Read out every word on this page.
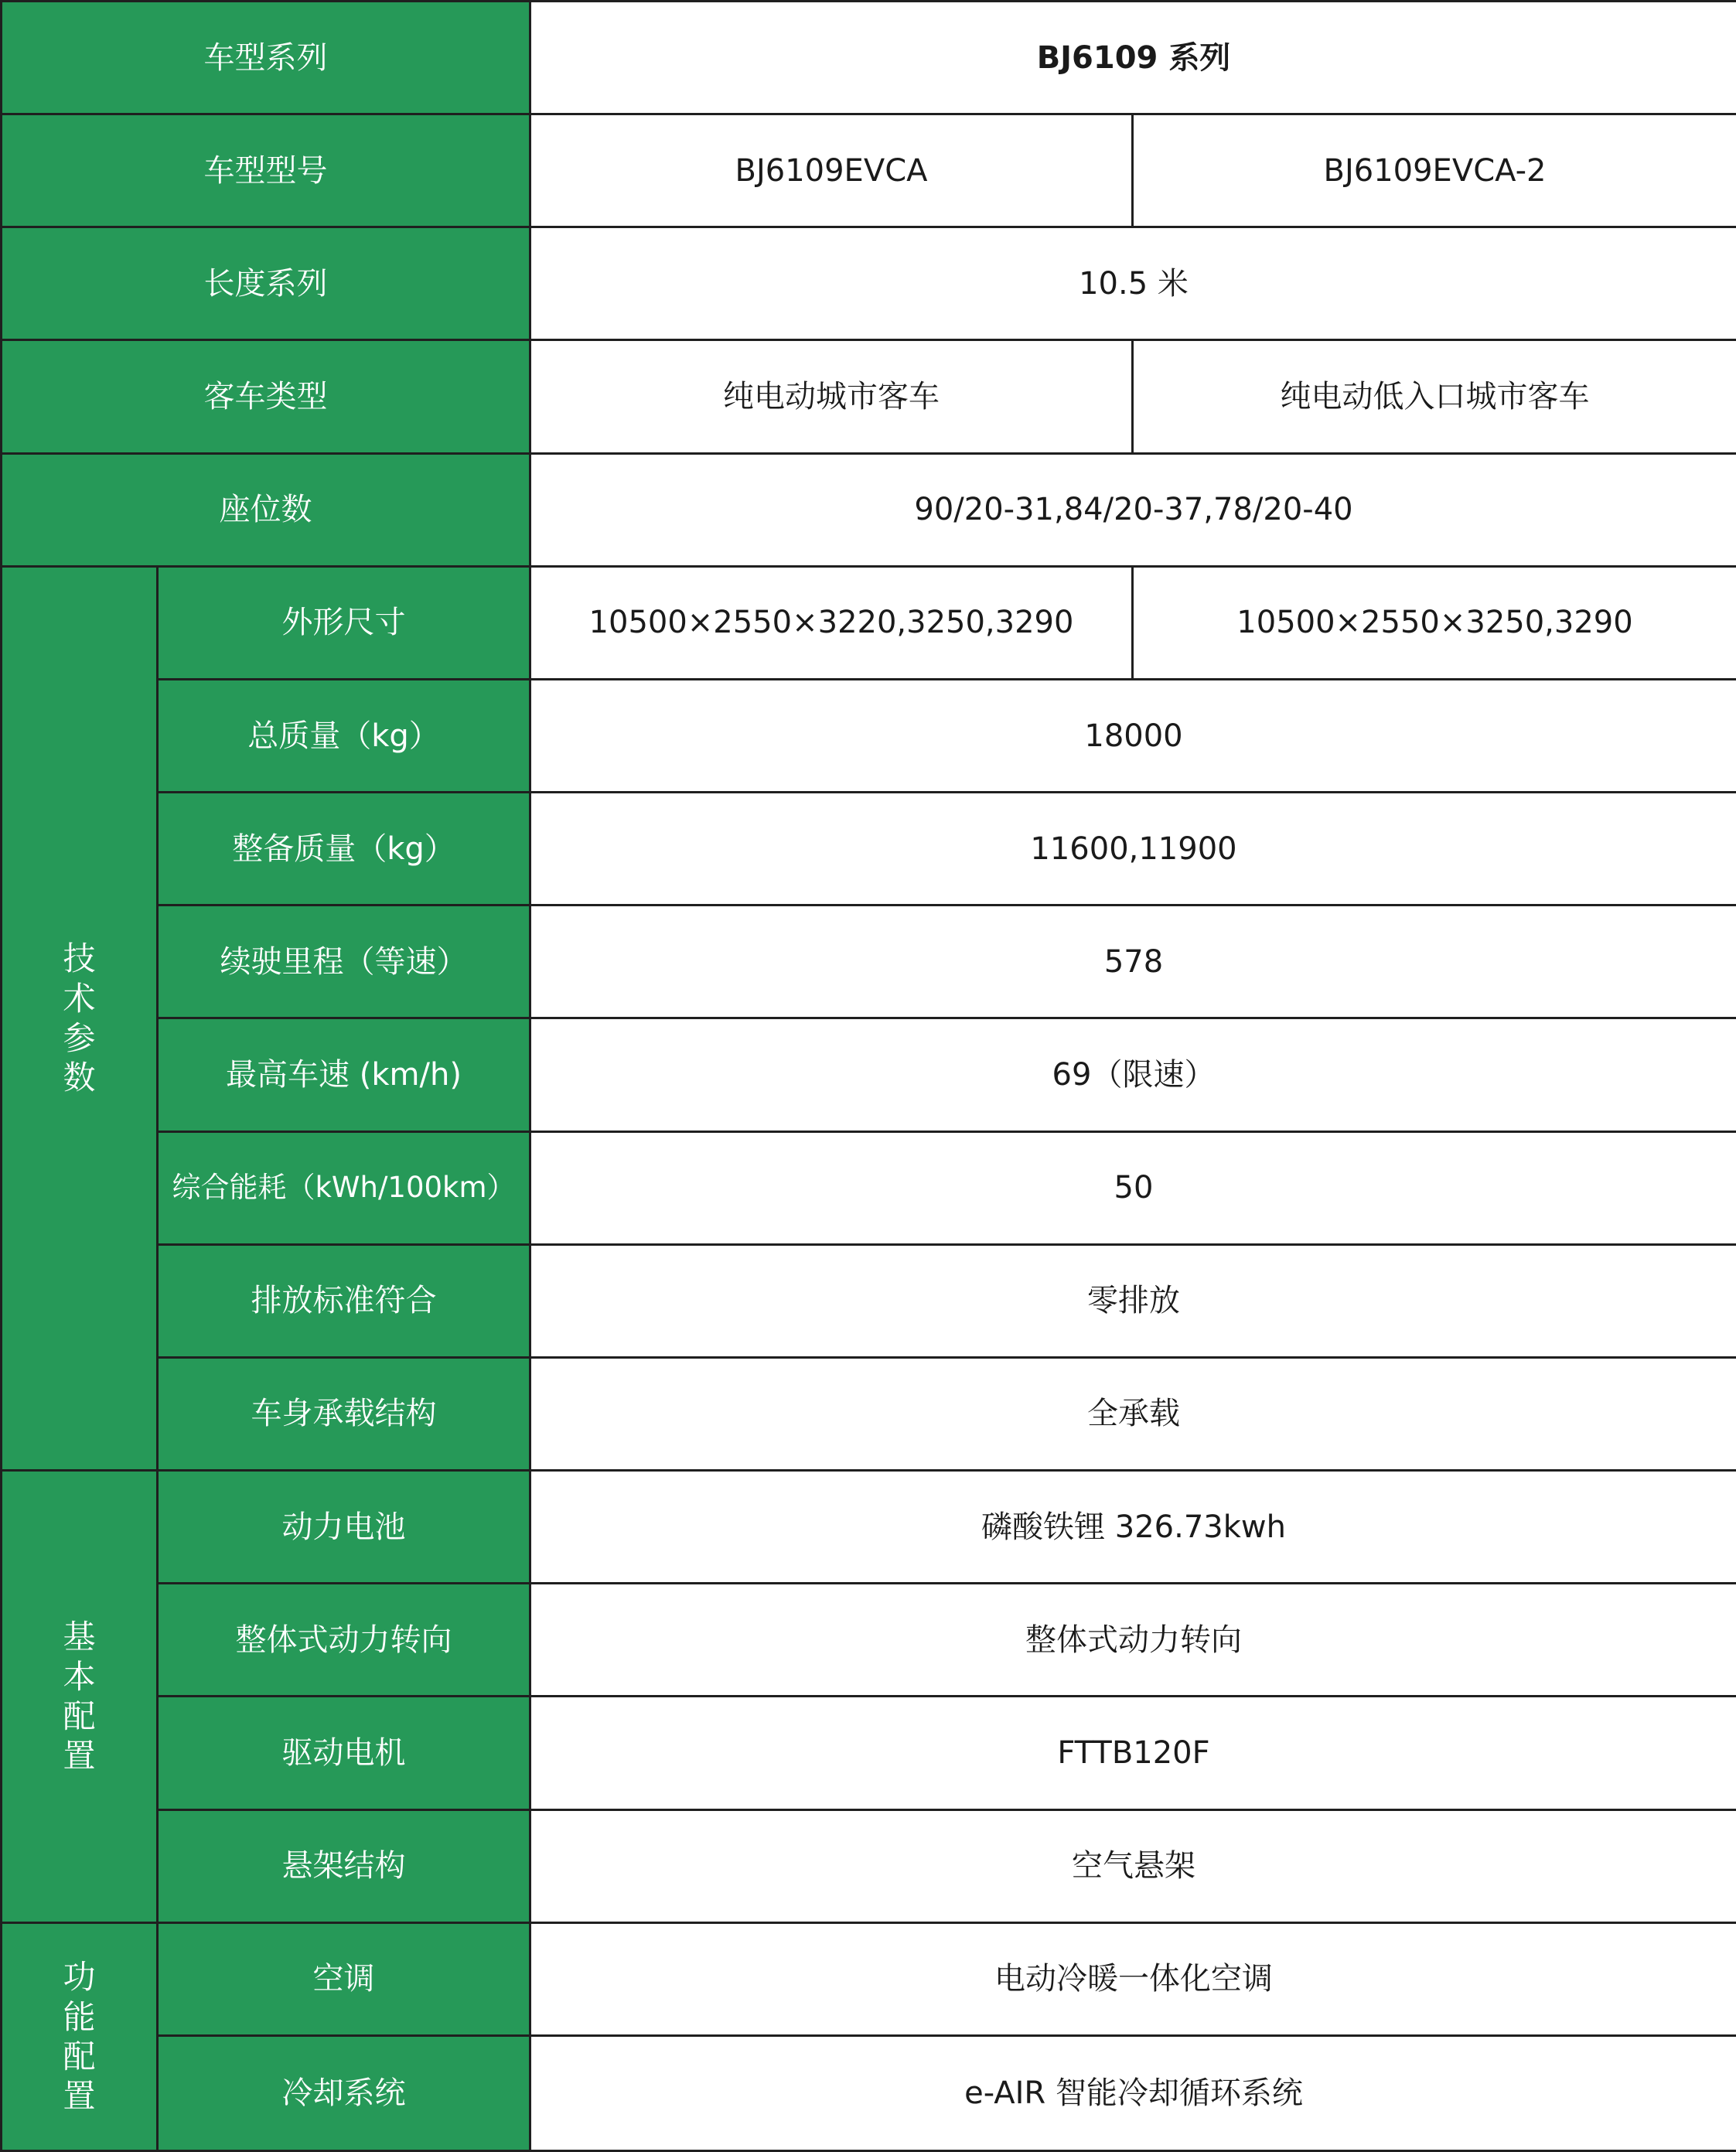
车型系列		BJ6109 系列	
车型型号		BJ6109EVCA	BJ6109EVCA-2
长度系列		10.5 米	
客车类型		纯电动城市客车	纯电动低入口城市客车
座位数		90/20-31,84/20-37,78/20-40	
技术参数	外形尺寸	10500×2550×3220,3250,3290	10500×2550×3250,3290
	总质量（kg）	18000	
	整备质量（kg）	11600,11900	
	续驶里程（等速）	578	
	最高车速 (km/h)	69（限速）	
	综合能耗（kWh/100km）	50	
	排放标准符合	零排放	
	车身承载结构	全承载	
基本配置	动力电池	磷酸铁锂 326.73kwh	
	整体式动力转向	整体式动力转向	
	驱动电机	FTTB120F	
	悬架结构	空气悬架	
功能配置	空调	电动冷暖一体化空调	
	冷却系统	e-AIR 智能冷却循环系统	
